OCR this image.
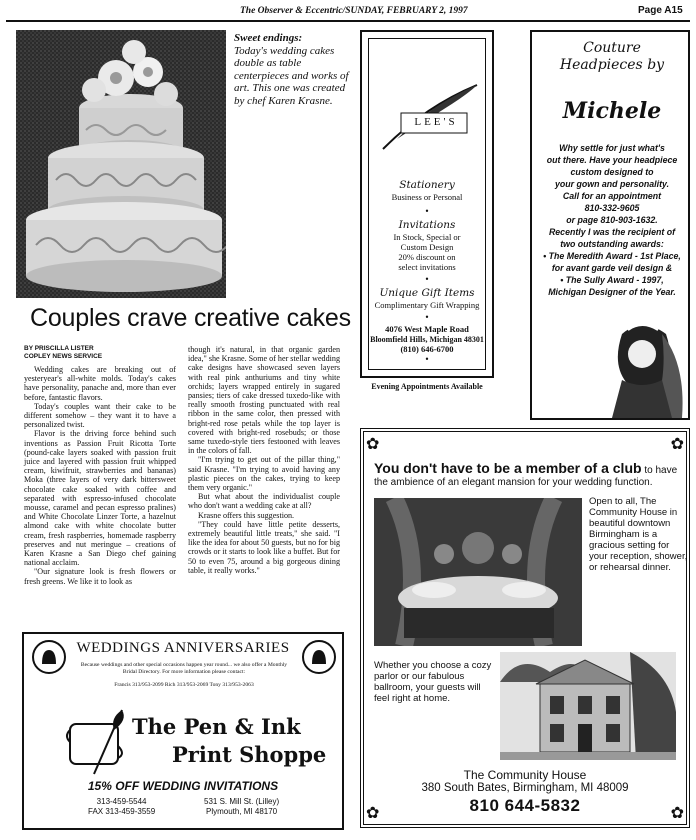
The Observer & Eccentric/SUNDAY, FEBRUARY 2, 1997	Page A15
Sweet endings:
Today's wedding cakes double as table centerpieces and works of art. This one was created by chef Karen Krasne.
Couples crave creative cakes
BY PRISCILLA LISTER
COPLEY NEWS SERVICE

Wedding cakes are breaking out of yesteryear's all-white molds. Today's cakes have personality, panache and, more than ever before, fantastic flavors.

Today's couples want their cake to be different somehow – they want it to have a personalized twist.

Flavor is the driving force behind such inventions as Passion Fruit Ricotta Torte (pound-cake layers soaked with passion fruit juice and layered with passion fruit whipped cream, kiwifruit, strawberries and bananas) Moka (three layers of very dark bittersweet chocolate cake soaked with coffee and separated with espresso-infused chocolate mousse, caramel and pecan espresso pralines) and White Chocolate Linzer Torte, a hazelnut almond cake with white chocolate butter cream, fresh raspberries, homemade raspberry preserves and nut meringue – creations of Karen Krasne a San Diego chef gaining national acclaim.

"Our signature look is fresh flowers or fresh greens. We like it to look as

though it's natural, in that organic garden idea," she Krasne. Some of her stellar wedding cake designs have showcased seven layers with real pink anthuriums and tiny white orchids; layers wrapped entirely in sugared pansies; tiers of cake dressed tuxedo-like with really smooth frosting punctuated with real ribbon in the same color, then pressed with bright-red rose petals while the top layer is covered with bright-red rosebuds; or those same tuxedo-style tiers festooned with leaves in the colors of fall.

"I'm trying to get out of the pillar thing," said Krasne. "I'm trying to avoid having any plastic pieces on the cakes, trying to keep them very organic."

But what about the individualist couple who don't want a wedding cake at all?

Krasne offers this suggestion.

"They could have little petite desserts, extremely beautiful little treats," she said. "I like the idea for about 50 guests, but no for big crowds or it starts to look like a buffet. But for 50 to even 75, around a big gorgeous dining table, it really works."

WEDDINGS ANNIVERSARIES
Because weddings and other special occasions happen year round... we also offer a Monthly Bridal Directory. For more information please contact:
Francis 313/953-2099 Rich 313/953-2069 Tony 313/953-2063
The Pen & Ink
Print Shoppe
15% OFF WEDDING INVITATIONS
313-459-5544
FAX 313-459-3559
531 S. Mill St. (Lilley)
Plymouth, MI 48170
LEE'S
Stationery
Business or Personal
•
Invitations
In Stock, Special or
Custom Design
20% discount on
select invitations
•
Unique Gift Items
Complimentary Gift Wrapping
•
4076 West Maple Road
Bloomfield Hills, Michigan 48301
(810) 646-6700
•
Evening Appointments Available
Couture
Headpieces by
Michele
Why settle for just what's
out there. Have your headpiece
custom designed to
your gown and personality.
Call for an appointment
810-332-9605
or page 810-903-1632.
Recently I was the recipient of
two outstanding awards:
• The Meredith Award - 1st Place,
for avant garde veil design &
• The Sully Award - 1997,
Michigan Designer of the Year.
✿	✿
✿	✿
You don't have to be a member of a club to have the ambience of an elegant mansion for your wedding function.
Open to all, The Community House in beautiful downtown Birmingham is a gracious setting for your reception, shower, or rehearsal dinner.
Whether you choose a cozy parlor or our fabulous ballroom, your guests will feel right at home.
The Community House
380 South Bates, Birmingham, MI 48009
810 644-5832
